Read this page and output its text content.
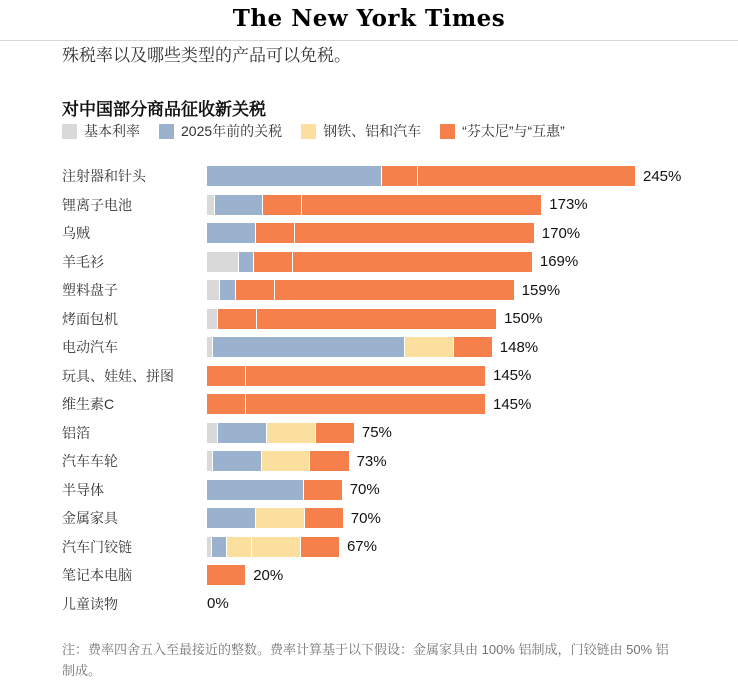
The New York Times

殊税率以及哪些类型的产品可以免税。

对中国部分商品征收新关税
基本利率	2025年前的关税	钢铁、铝和汽车	“芬太尼”与“互惠”
注射器和针头	245%
锂离子电池	173%
乌贼	170%
羊毛衫	169%
塑料盘子	159%
烤面包机	150%
电动汽车	148%
玩具、娃娃、拼图	145%
维生素C	145%
铝箔	75%
汽车车轮	73%
半导体	70%
金属家具	70%
汽车门铰链	67%
笔记本电脑	20%
儿童读物	0%

注：费率四舍五入至最接近的整数。费率计算基于以下假设：金属家具由 100% 铝制成，门铰链由 50% 铝制成。
